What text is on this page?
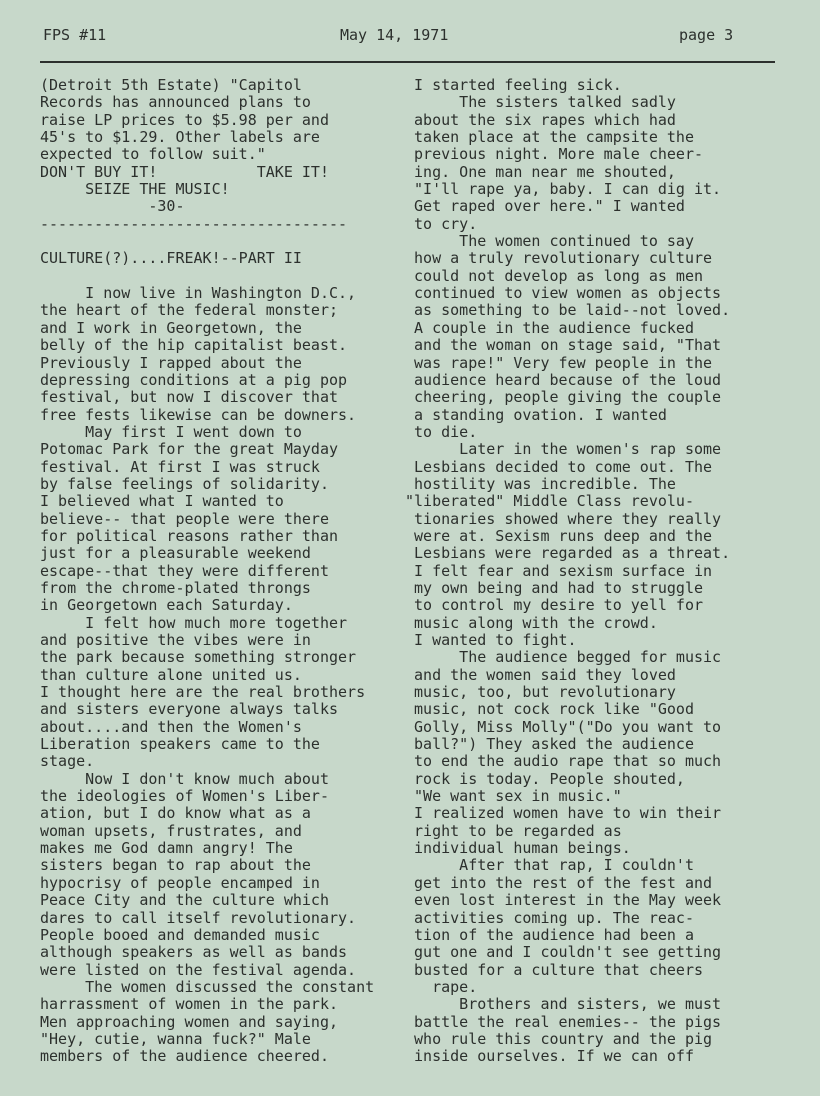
FPS #11	May 14, 1971	page 3
(Detroit 5th Estate) "Capitol
Records has announced plans to
raise LP prices to $5.98 per and
45's to $1.29. Other labels are
expected to follow suit."
DON'T BUY IT!           TAKE IT!
SEIZE THE MUSIC!
-30-
----------------------------------
CULTURE(?)....FREAK!--PART II
I now live in Washington D.C.,
the heart of the federal monster;
and I work in Georgetown, the
belly of the hip capitalist beast.
Previously I rapped about the
depressing conditions at a pig pop
festival, but now I discover that
free fests likewise can be downers.
May first I went down to
Potomac Park for the great Mayday
festival. At first I was struck
by false feelings of solidarity.
I believed what I wanted to
believe-- that people were there
for political reasons rather than
just for a pleasurable weekend
escape--that they were different
from the chrome-plated throngs
in Georgetown each Saturday.
I felt how much more together
and positive the vibes were in
the park because something stronger
than culture alone united us.
I thought here are the real brothers
and sisters everyone always talks
about....and then the Women's
Liberation speakers came to the
stage.
Now I don't know much about
the ideologies of Women's Liber-
ation, but I do know what as a
woman upsets, frustrates, and
makes me God damn angry! The
sisters began to rap about the
hypocrisy of people encamped in
Peace City and the culture which
dares to call itself revolutionary.
People booed and demanded music
although speakers as well as bands
were listed on the festival agenda.
The women discussed the constant
harrassment of women in the park.
Men approaching women and saying,
"Hey, cutie, wanna fuck?" Male
members of the audience cheered.
I started feeling sick.
The sisters talked sadly
about the six rapes which had
taken place at the campsite the
previous night. More male cheer-
ing. One man near me shouted,
"I'll rape ya, baby. I can dig it.
Get raped over here." I wanted
to cry.
The women continued to say
how a truly revolutionary culture
could not develop as long as men
continued to view women as objects
as something to be laid--not loved.
A couple in the audience fucked
and the woman on stage said, "That
was rape!" Very few people in the
audience heard because of the loud
cheering, people giving the couple
a standing ovation. I wanted
to die.
Later in the women's rap some
Lesbians decided to come out. The
hostility was incredible. The
"liberated" Middle Class revolu-
tionaries showed where they really
were at. Sexism runs deep and the
Lesbians were regarded as a threat.
I felt fear and sexism surface in
my own being and had to struggle
to control my desire to yell for
music along with the crowd.
I wanted to fight.
The audience begged for music
and the women said they loved
music, too, but revolutionary
music, not cock rock like "Good
Golly, Miss Molly"("Do you want to
ball?") They asked the audience
to end the audio rape that so much
rock is today. People shouted,
"We want sex in music."
I realized women have to win their
right to be regarded as
individual human beings.
After that rap, I couldn't
get into the rest of the fest and
even lost interest in the May week
activities coming up. The reac-
tion of the audience had been a
gut one and I couldn't see getting
busted for a culture that cheers
rape.
Brothers and sisters, we must
battle the real enemies-- the pigs
who rule this country and the pig
inside ourselves. If we can off
